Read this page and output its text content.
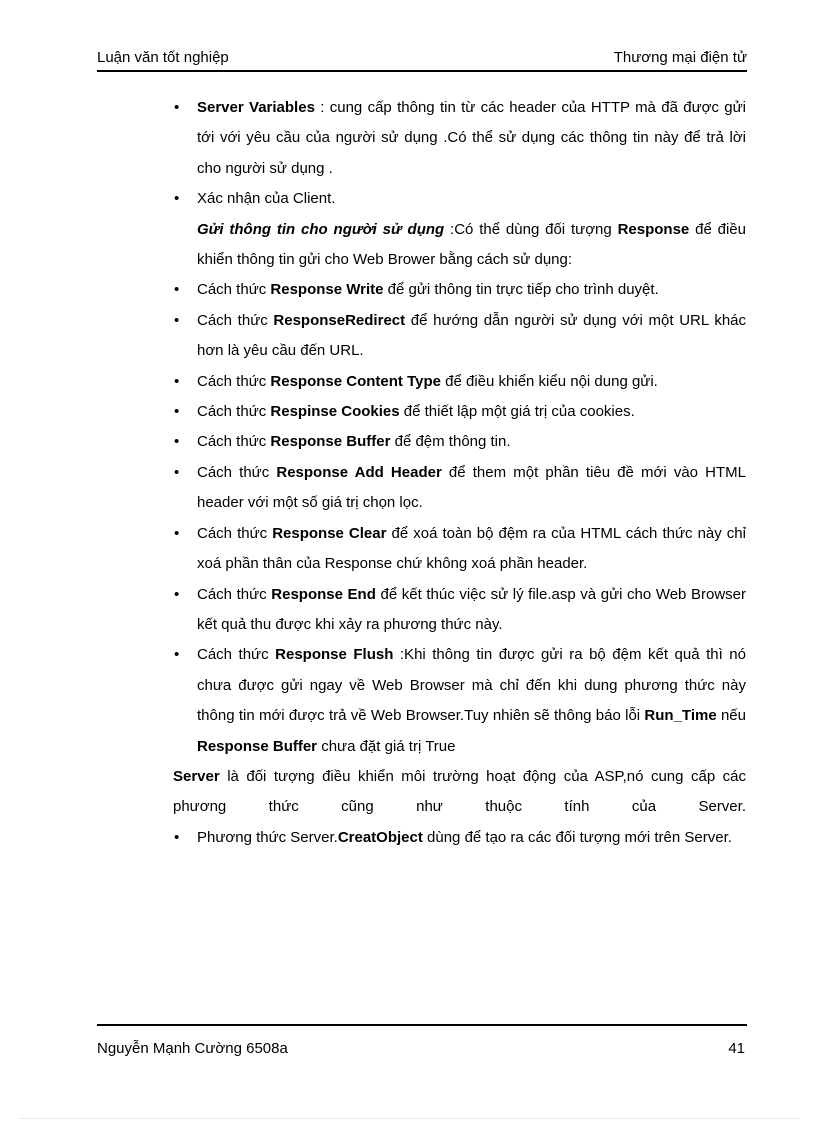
Luận văn tốt nghiệp	Thương mại điện tử

• Server Variables : cung cấp thông tin từ các header của HTTP mà đã được gửi tới với yêu cầu của người sử dụng .Có thể sử dụng các thông tin này để trả lời cho người sử dụng .

• Xác nhận của Client.

Gửi thông tin cho người sử dụng :Có thể dùng đối tượng Response để điều khiển thông tin gửi cho Web Brower bằng cách sử dụng:

• Cách thức Response Write để gửi thông tin trực tiếp cho trình duyệt.

• Cách thức ResponseRedirect để hướng dẫn người sử dụng với một URL khác hơn là yêu cầu đến URL.

• Cách thức Response Content Type để điều khiển kiểu nội dung gửi.

• Cách thức Respinse Cookies để thiết lập một giá trị của cookies.

• Cách thức Response Buffer để đệm thông tin.

• Cách thức Response Add Header để them một phần tiêu đề mới vào HTML header với một số giá trị chọn lọc.

• Cách thức Response Clear để xoá toàn bộ đệm ra của HTML cách thức này chỉ xoá phần thân của Response chứ không xoá phần header.

• Cách thức Response End để kết thúc việc sử lý file.asp và gửi cho Web Browser kết quả thu được khi xảy ra phương thức này.

• Cách thức Response Flush :Khi thông tin được gửi ra bộ đệm kết quả thì nó chưa được gửi ngay về Web Browser mà chỉ đến khi dung phương thức này thông tin mới được trả về Web Browser.Tuy nhiên sẽ thông báo lỗi Run_Time nếu Response Buffer chưa đặt giá trị True

Server là đối tượng điều khiển môi trường hoạt động của ASP,nó cung cấp các phương thức cũng như thuộc tính của Server.

• Phương thức Server.CreatObject dùng để tạo ra các đối tượng mới trên Server.

Nguyễn Mạnh Cường 6508a	41
